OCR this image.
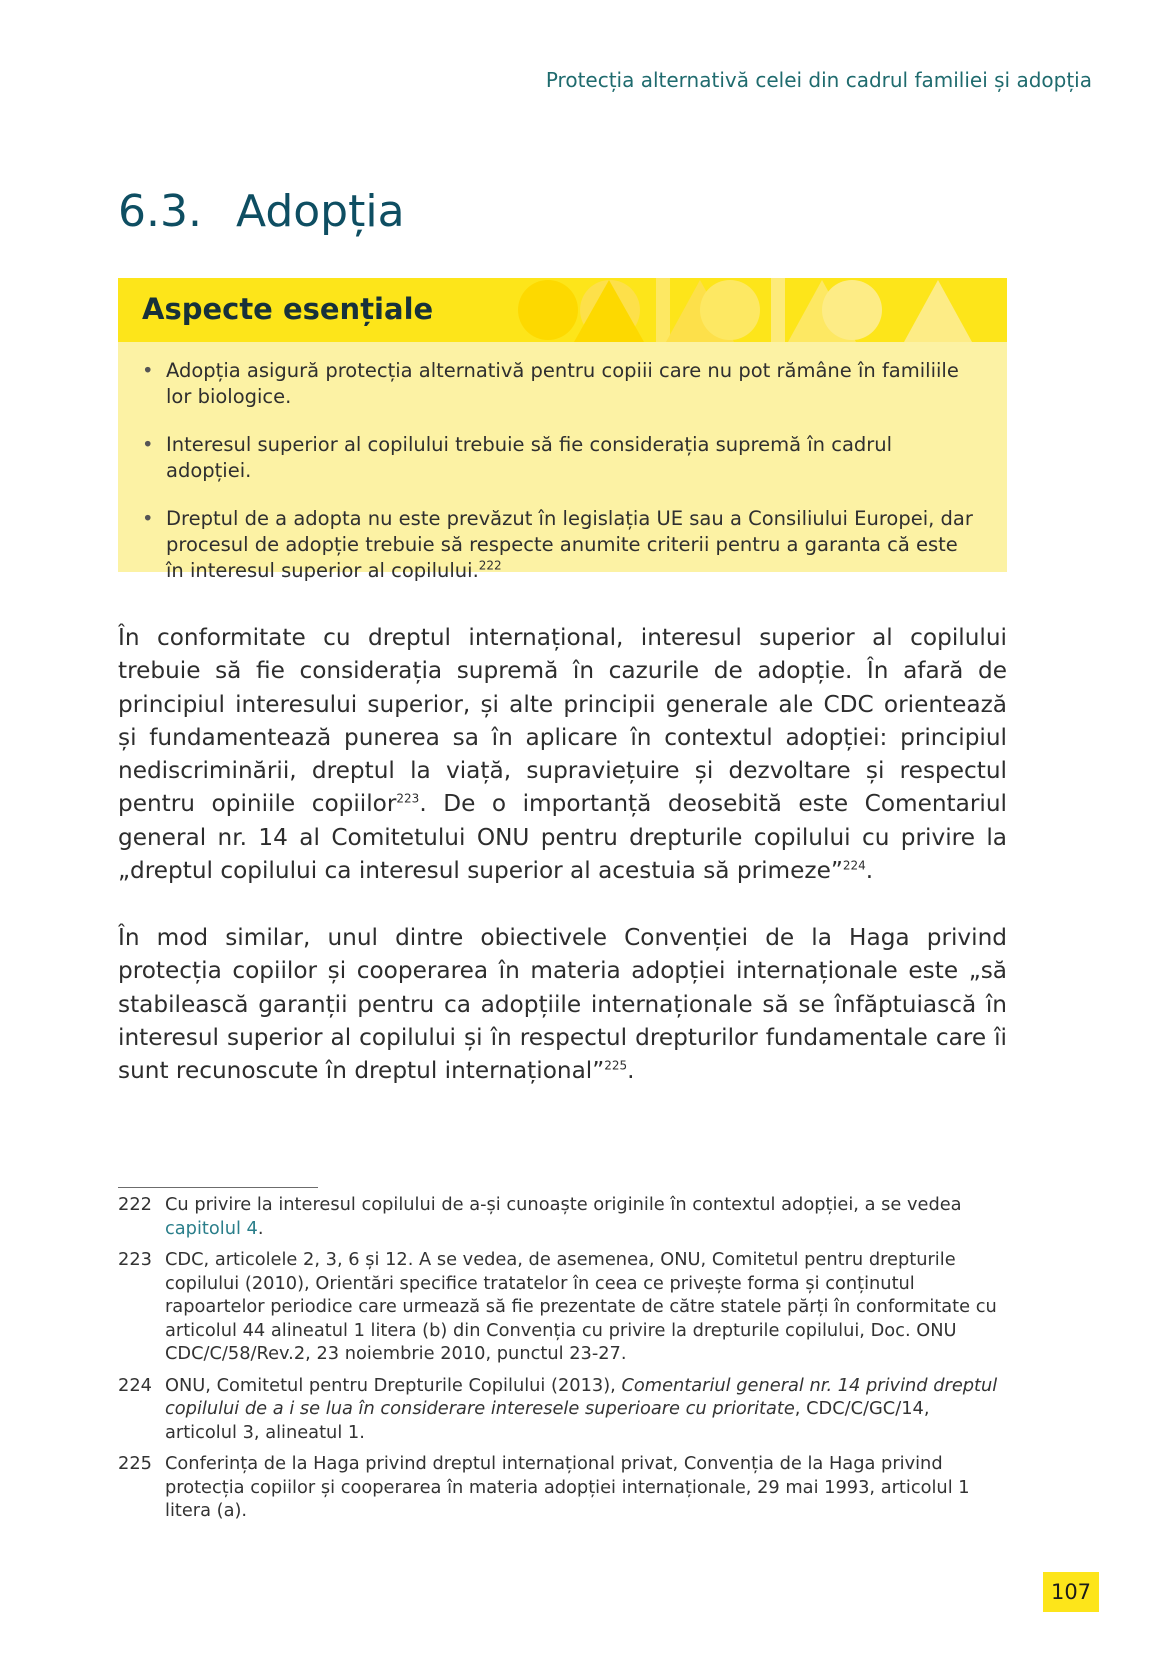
Protecția alternativă celei din cadrul familiei și adopția
6.3. Adopția
Aspecte esențiale
• Adopția asigură protecția alternativă pentru copiii care nu pot rămâne în familiile lor biologice.
• Interesul superior al copilului trebuie să fie considerația supremă în cadrul adopției.
• Dreptul de a adopta nu este prevăzut în legislația UE sau a Consiliului Europei, dar procesul de adopție trebuie să respecte anumite criterii pentru a garanta că este în interesul superior al copilului.$^{222}$

În conformitate cu dreptul internațional, interesul superior al copilului trebuie să fie considerația supremă în cazurile de adopție. În afară de principiul interesului superior, și alte principii generale ale CDC orientează și fundamentează punerea sa în aplicare în contextul adopției: principiul nediscriminării, dreptul la viață, supraviețuire și dezvoltare și respectul pentru opiniile copiilor$^{223}$. De o importanță deosebită este Comentariul general nr. 14 al Comitetului ONU pentru drepturile copilului cu privire la „dreptul copilului ca interesul superior al acestuia să primeze”$^{224}$.

În mod similar, unul dintre obiectivele Convenției de la Haga privind protecția copiilor și cooperarea în materia adopției internaționale este „să stabilească garanții pentru ca adopțiile internaționale să se înfăptuiască în interesul superior al copilului și în respectul drepturilor fundamentale care îi sunt recunoscute în dreptul internațional”$^{225}$.

222 Cu privire la interesul copilului de a-și cunoaște originile în contextul adopției, a se vedea capitolul 4.
223 CDC, articolele 2, 3, 6 și 12. A se vedea, de asemenea, ONU, Comitetul pentru drepturile copilului (2010), Orientări specifice tratatelor în ceea ce privește forma și conținutul rapoartelor periodice care urmează să fie prezentate de către statele părți în conformitate cu articolul 44 alineatul 1 litera (b) din Convenția cu privire la drepturile copilului, Doc. ONU CDC/C/58/Rev.2, 23 noiembrie 2010, punctul 23-27.
224 ONU, Comitetul pentru Drepturile Copilului (2013), Comentariul general nr. 14 privind dreptul copilului de a i se lua în considerare interesele superioare cu prioritate, CDC/C/GC/14, articolul 3, alineatul 1.
225 Conferința de la Haga privind dreptul internațional privat, Convenția de la Haga privind protecția copiilor și cooperarea în materia adopției internaționale, 29 mai 1993, articolul 1 litera (a).
107
